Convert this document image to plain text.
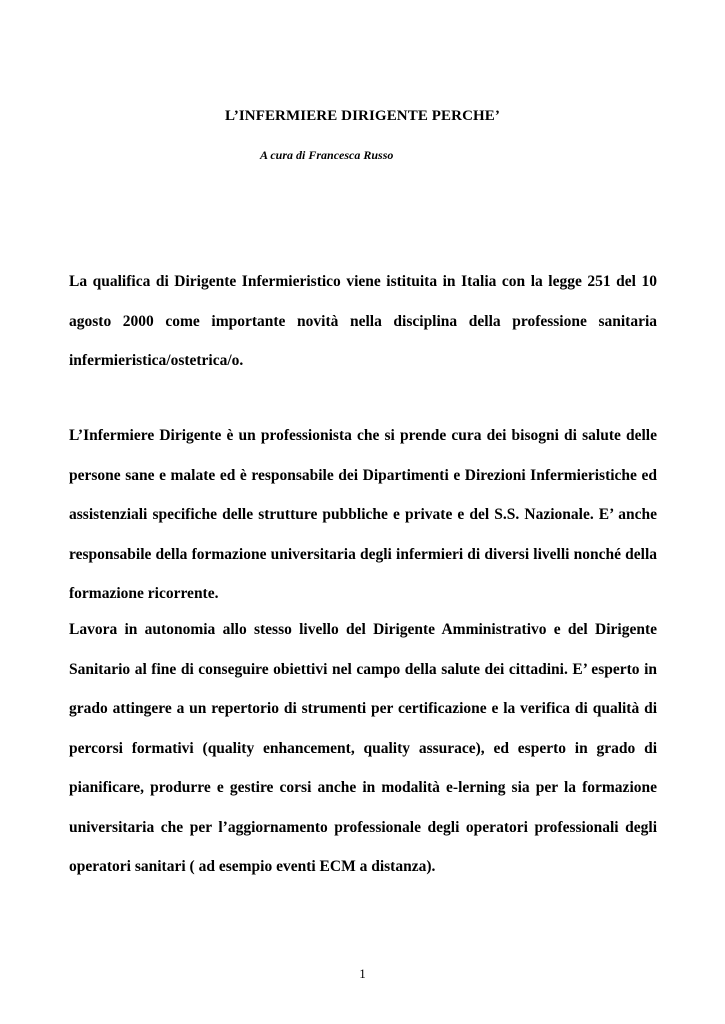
L’INFERMIERE DIRIGENTE PERCHE’
A cura di Francesca Russo

La qualifica di Dirigente Infermieristico viene istituita in Italia con la legge 251 del 10 agosto 2000 come importante novità nella disciplina della professione sanitaria infermieristica/ostetrica/o.

L’Infermiere Dirigente è un professionista che si prende cura dei bisogni di salute delle persone sane e malate ed è responsabile dei Dipartimenti e Direzioni Infermieristiche ed assistenziali specifiche delle strutture pubbliche e private e del S.S. Nazionale. E’ anche responsabile della formazione universitaria degli infermieri di diversi livelli nonché della formazione ricorrente.

Lavora in autonomia allo stesso livello del Dirigente Amministrativo e del Dirigente Sanitario al fine di conseguire obiettivi nel campo della salute dei cittadini. E’ esperto in grado attingere a un repertorio di strumenti per certificazione e la verifica di qualità di percorsi formativi (quality enhancement, quality assurace), ed esperto in grado di pianificare, produrre e gestire corsi anche in modalità e-lerning sia per la formazione universitaria che per l’aggiornamento professionale degli operatori professionali degli operatori sanitari ( ad esempio eventi ECM a distanza).

1
